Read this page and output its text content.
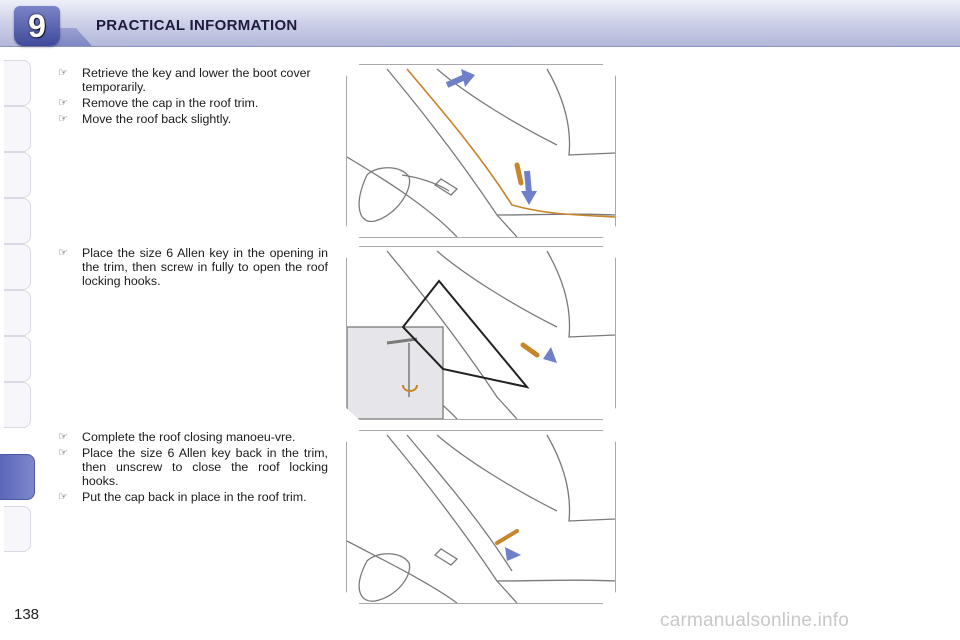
9	PRACTICAL INFORMATION
☞ Retrieve the key and lower the boot cover temporarily.
☞ Remove the cap in the roof trim.
☞ Move the roof back slightly.
☞ Place the size 6 Allen key in the opening in the trim, then screw in fully to open the roof locking hooks.
☞ Complete the roof closing manoeu-vre.
☞ Place the size 6 Allen key back in the trim, then unscrew to close the roof locking hooks.
☞ Put the cap back in place in the roof trim.
138	carmanualsonline.info
